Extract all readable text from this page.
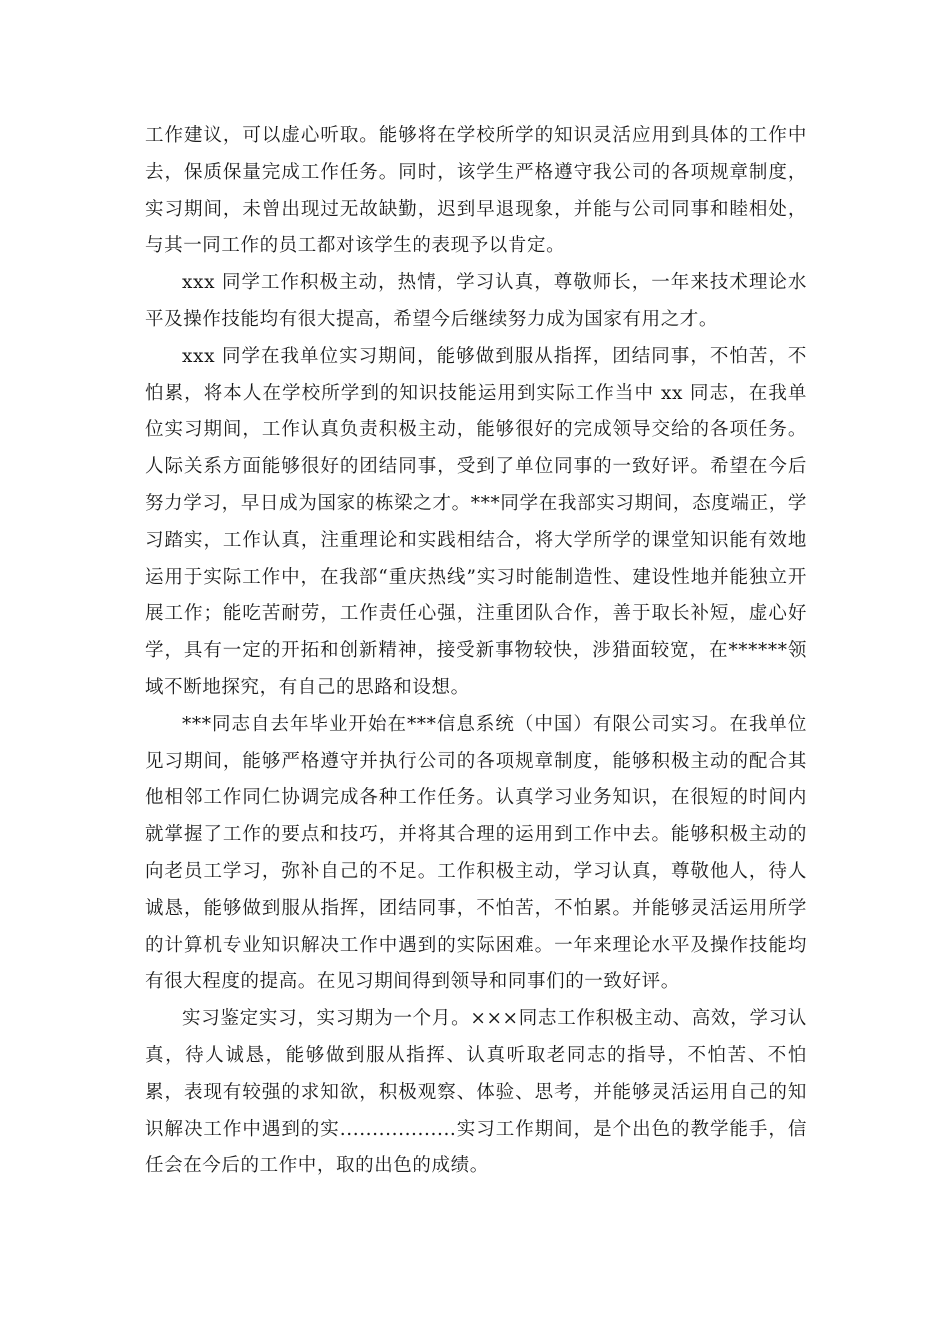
工作建议，可以虚心听取。能够将在学校所学的知识灵活应用到具体的工作中去，保质保量完成工作任务。同时，该学生严格遵守我公司的各项规章制度，实习期间，未曾出现过无故缺勤，迟到早退现象，并能与公司同事和睦相处，与其一同工作的员工都对该学生的表现予以肯定。

xxx 同学工作积极主动，热情，学习认真，尊敬师长，一年来技术理论水平及操作技能均有很大提高，希望今后继续努力成为国家有用之才。

xxx 同学在我单位实习期间，能够做到服从指挥，团结同事，不怕苦，不怕累，将本人在学校所学到的知识技能运用到实际工作当中 xx 同志，在我单位实习期间，工作认真负责积极主动，能够很好的完成领导交给的各项任务。人际关系方面能够很好的团结同事，受到了单位同事的一致好评。希望在今后努力学习，早日成为国家的栋梁之才。***同学在我部实习期间，态度端正，学习踏实，工作认真，注重理论和实践相结合，将大学所学的课堂知识能有效地运用于实际工作中，在我部“重庆热线”实习时能制造性、建设性地并能独立开展工作；能吃苦耐劳，工作责任心强，注重团队合作，善于取长补短，虚心好学，具有一定的开拓和创新精神，接受新事物较快，涉猎面较宽，在******领域不断地探究，有自己的思路和设想。

***同志自去年毕业开始在***信息系统（中国）有限公司实习。在我单位见习期间，能够严格遵守并执行公司的各项规章制度，能够积极主动的配合其他相邻工作同仁协调完成各种工作任务。认真学习业务知识，在很短的时间内就掌握了工作的要点和技巧，并将其合理的运用到工作中去。能够积极主动的向老员工学习，弥补自己的不足。工作积极主动，学习认真，尊敬他人，待人诚恳，能够做到服从指挥，团结同事，不怕苦，不怕累。并能够灵活运用所学的计算机专业知识解决工作中遇到的实际困难。一年来理论水平及操作技能均有很大程度的提高。在见习期间得到领导和同事们的一致好评。

实习鉴定实习，实习期为一个月。×××同志工作积极主动、高效，学习认真，待人诚恳，能够做到服从指挥、认真听取老同志的指导，不怕苦、不怕累，表现有较强的求知欲，积极观察、体验、思考，并能够灵活运用自己的知识解决工作中遇到的实..................实习工作期间，是个出色的教学能手，信任会在今后的工作中，取的出色的成绩。
